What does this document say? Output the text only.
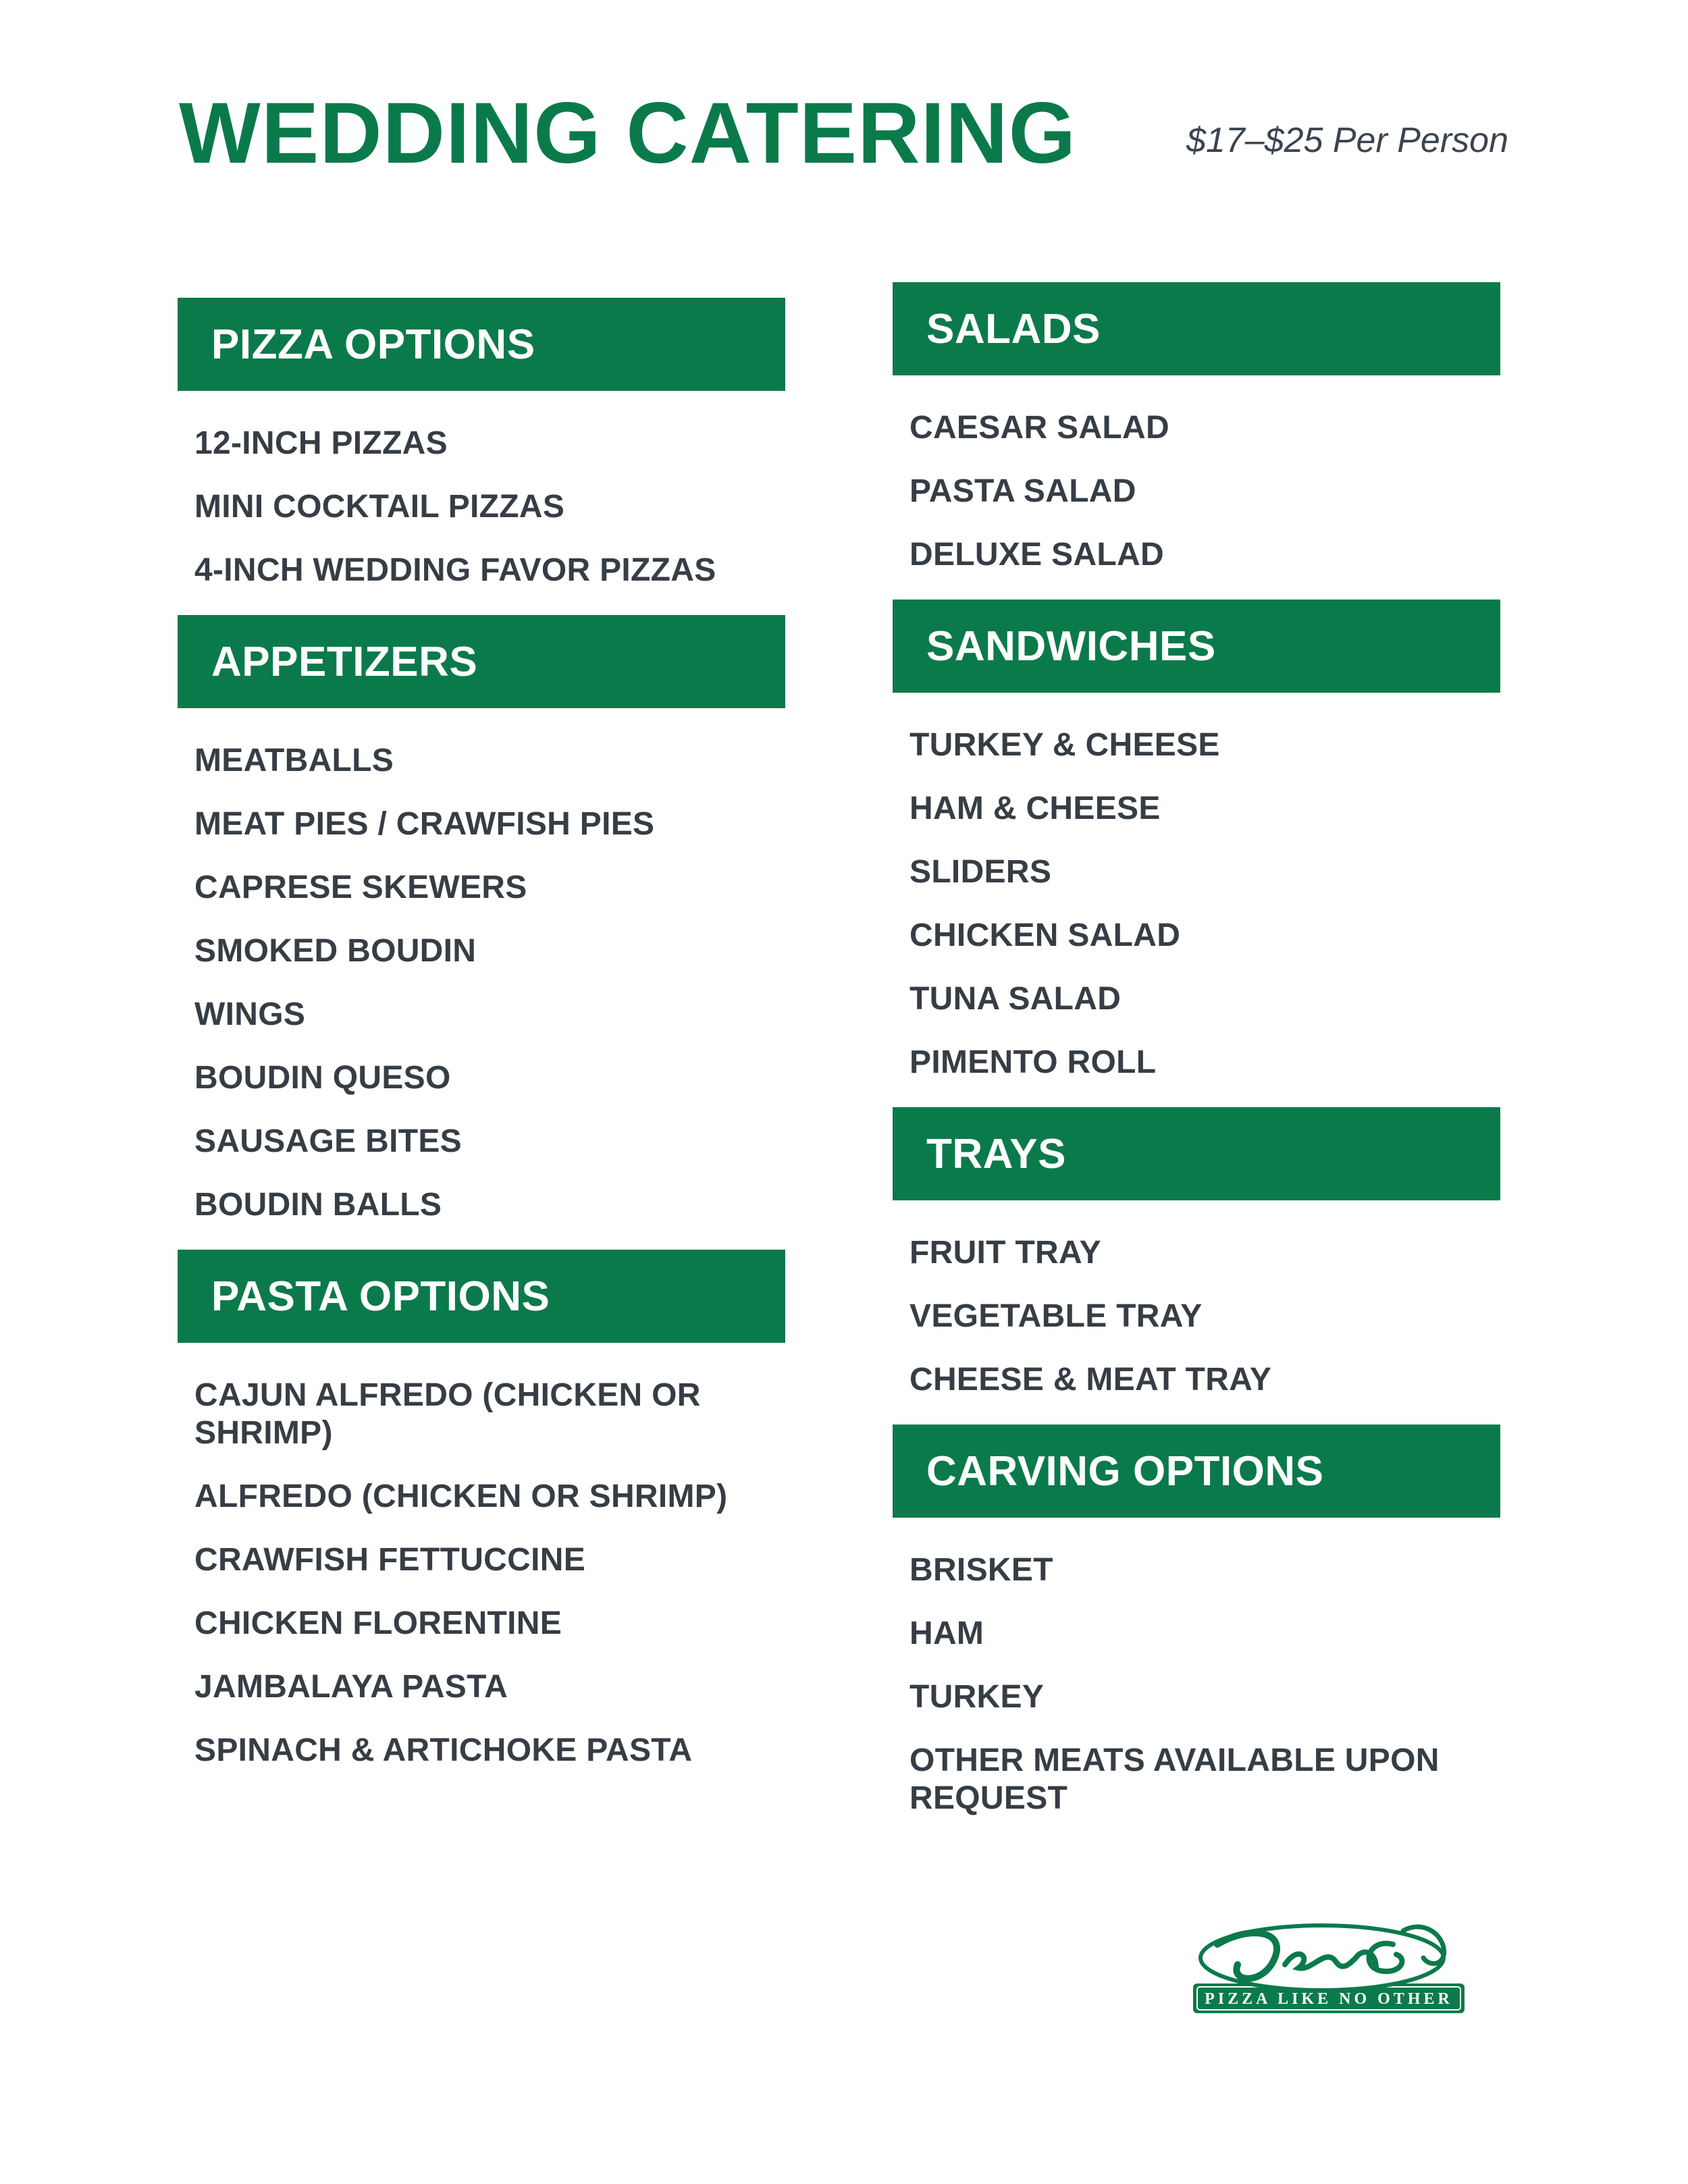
WEDDING CATERING	$17–$25 Per Person
PIZZA OPTIONS
12-INCH PIZZAS
MINI COCKTAIL PIZZAS
4-INCH WEDDING FAVOR PIZZAS
APPETIZERS
MEATBALLS
MEAT PIES / CRAWFISH PIES
CAPRESE SKEWERS
SMOKED BOUDIN
WINGS
BOUDIN QUESO
SAUSAGE BITES
BOUDIN BALLS
PASTA OPTIONS
CAJUN ALFREDO (CHICKEN OR SHRIMP)
ALFREDO (CHICKEN OR SHRIMP)
CRAWFISH FETTUCCINE
CHICKEN FLORENTINE
JAMBALAYA PASTA
SPINACH & ARTICHOKE PASTA
SALADS
CAESAR SALAD
PASTA SALAD
DELUXE SALAD
SANDWICHES
TURKEY & CHEESE
HAM & CHEESE
SLIDERS
CHICKEN SALAD
TUNA SALAD
PIMENTO ROLL
TRAYS
FRUIT TRAY
VEGETABLE TRAY
CHEESE & MEAT TRAY
CARVING OPTIONS
BRISKET
HAM
TURKEY
OTHER MEATS AVAILABLE UPON REQUEST
PIZZA LIKE NO OTHER
